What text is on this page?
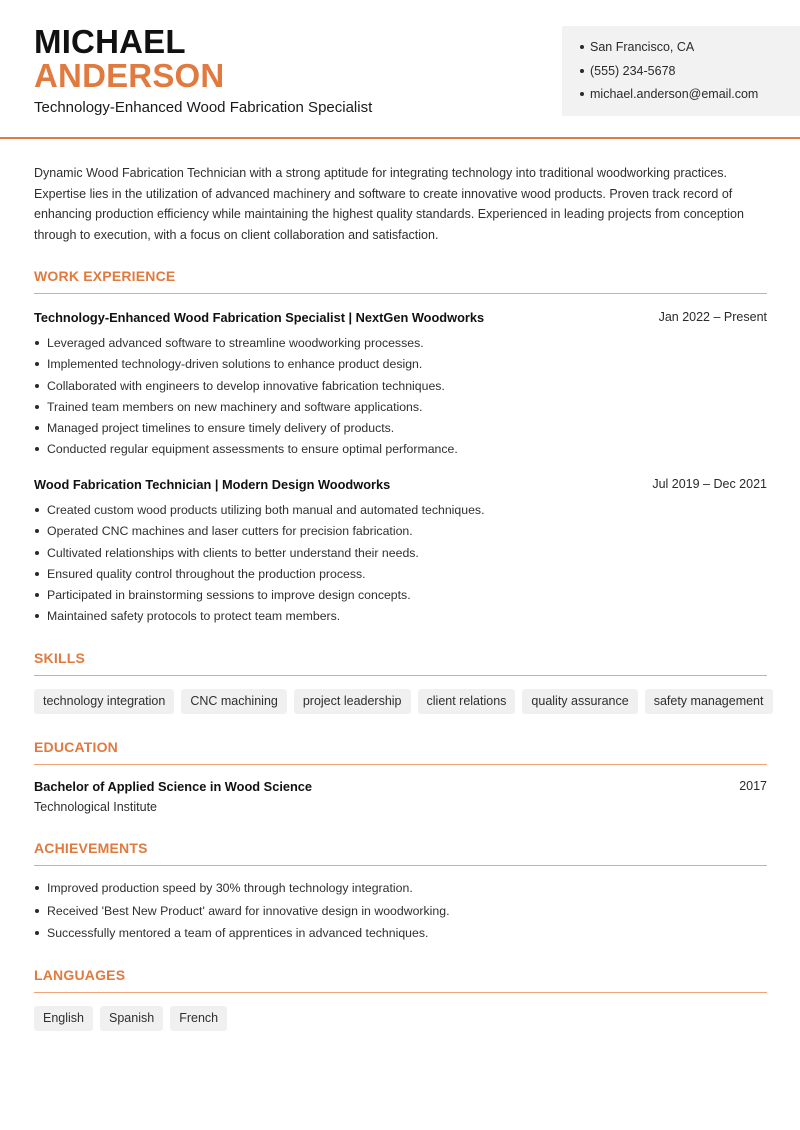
MICHAEL
ANDERSON
Technology-Enhanced Wood Fabrication Specialist
San Francisco, CA
(555) 234-5678
michael.anderson@email.com

Dynamic Wood Fabrication Technician with a strong aptitude for integrating technology into traditional woodworking practices. Expertise lies in the utilization of advanced machinery and software to create innovative wood products. Proven track record of enhancing production efficiency while maintaining the highest quality standards. Experienced in leading projects from conception through to execution, with a focus on client collaboration and satisfaction.

WORK EXPERIENCE
Technology-Enhanced Wood Fabrication Specialist | NextGen Woodworks	Jan 2022 – Present
Leveraged advanced software to streamline woodworking processes.
Implemented technology-driven solutions to enhance product design.
Collaborated with engineers to develop innovative fabrication techniques.
Trained team members on new machinery and software applications.
Managed project timelines to ensure timely delivery of products.
Conducted regular equipment assessments to ensure optimal performance.
Wood Fabrication Technician | Modern Design Woodworks	Jul 2019 – Dec 2021
Created custom wood products utilizing both manual and automated techniques.
Operated CNC machines and laser cutters for precision fabrication.
Cultivated relationships with clients to better understand their needs.
Ensured quality control throughout the production process.
Participated in brainstorming sessions to improve design concepts.
Maintained safety protocols to protect team members.
SKILLS
technology integration	CNC machining	project leadership	client relations	quality assurance	safety management
EDUCATION
Bachelor of Applied Science in Wood Science	2017
Technological Institute
ACHIEVEMENTS
Improved production speed by 30% through technology integration.
Received 'Best New Product' award for innovative design in woodworking.
Successfully mentored a team of apprentices in advanced techniques.
LANGUAGES
English	Spanish	French
